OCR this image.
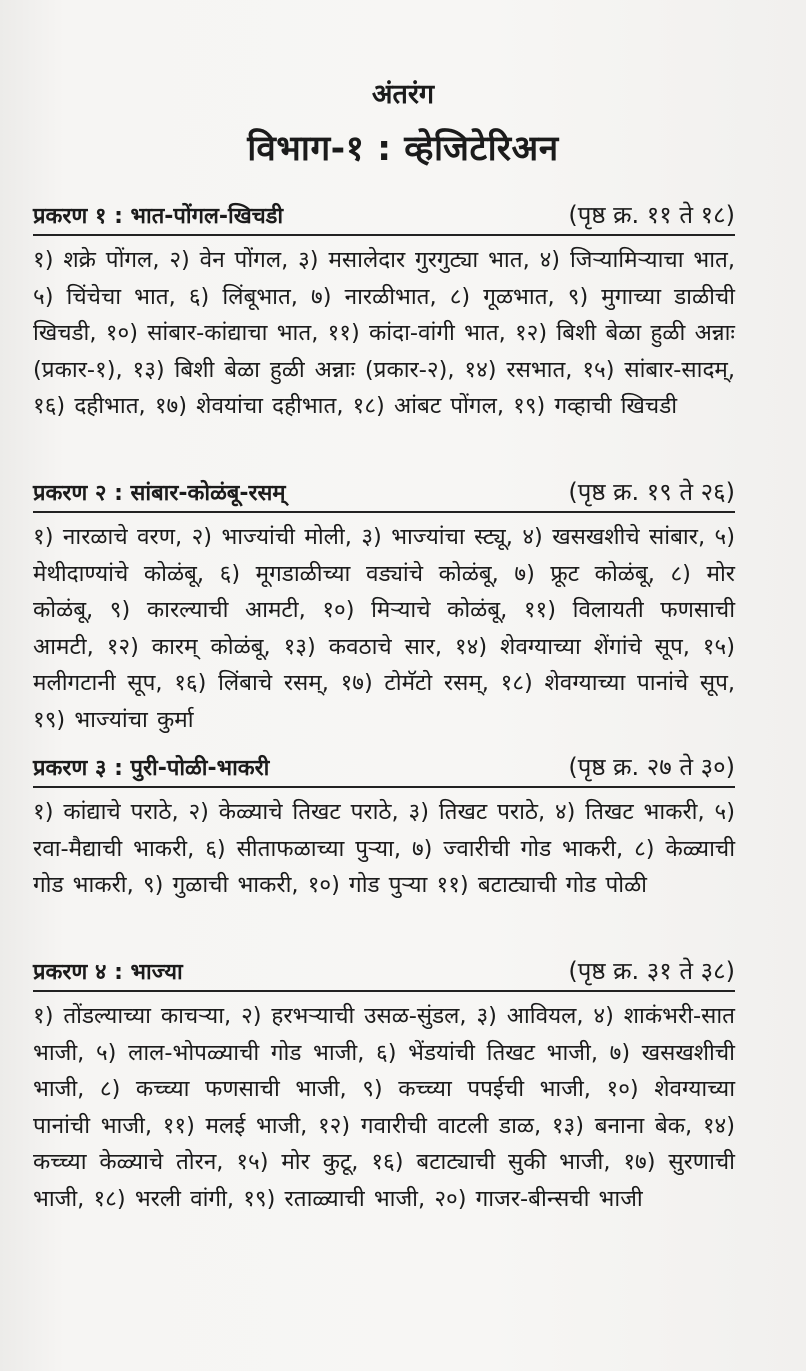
अंतरंग
विभाग-१ : व्हेजिटेरिअन
प्रकरण १ : भात-पोंगल-खिचडी	(पृष्ठ क्र. ११ ते १८)
१) शक्रे पोंगल, २) वेन पोंगल, ३) मसालेदार गुरगुट्या भात, ४) जिऱ्यामिऱ्याचा भात, ५) चिंचेचा भात, ६) लिंबूभात, ७) नारळीभात, ८) गूळभात, ९) मुगाच्या डाळीची खिचडी, १०) सांबार-कांद्याचा भात, ११) कांदा-वांगी भात, १२) बिशी बेळा हुळी अन्नाः (प्रकार-१), १३) बिशी बेळा हुळी अन्नाः (प्रकार-२), १४) रसभात, १५) सांबार-सादम्, १६) दहीभात, १७) शेवयांचा दहीभात, १८) आंबट पोंगल, १९) गव्हाची खिचडी
प्रकरण २ : सांबार-कोळंबू-रसम्	(पृष्ठ क्र. १९ ते २६)
१) नारळाचे वरण, २) भाज्यांची मोली, ३) भाज्यांचा स्ट्यू, ४) खसखशीचे सांबार, ५) मेथीदाण्यांचे कोळंबू, ६) मूगडाळीच्या वड्यांचे कोळंबू, ७) फ्रूट कोळंबू, ८) मोर कोळंबू, ९) कारल्याची आमटी, १०) मिऱ्याचे कोळंबू, ११) विलायती फणसाची आमटी, १२) कारम् कोळंबू, १३) कवठाचे सार, १४) शेवग्याच्या शेंगांचे सूप, १५) मलीगटानी सूप, १६) लिंबाचे रसम्, १७) टोमॅटो रसम्, १८) शेवग्याच्या पानांचे सूप, १९) भाज्यांचा कुर्मा
प्रकरण ३ : पुरी-पोळी-भाकरी	(पृष्ठ क्र. २७ ते ३०)
१) कांद्याचे पराठे, २) केळ्याचे तिखट पराठे, ३) तिखट पराठे, ४) तिखट भाकरी, ५) रवा-मैद्याची भाकरी, ६) सीताफळाच्या पुऱ्या, ७) ज्वारीची गोड भाकरी, ८) केळ्याची गोड भाकरी, ९) गुळाची भाकरी, १०) गोड पुऱ्या ११) बटाट्याची गोड पोळी
प्रकरण ४ : भाज्या	(पृष्ठ क्र. ३१ ते ३८)
१) तोंडल्याच्या काचऱ्या, २) हरभऱ्याची उसळ-सुंडल, ३) आवियल, ४) शाकंभरी-सात भाजी, ५) लाल-भोपळ्याची गोड भाजी, ६) भेंडयांची तिखट भाजी, ७) खसखशीची भाजी, ८) कच्च्या फणसाची भाजी, ९) कच्च्या पपईची भाजी, १०) शेवग्याच्या पानांची भाजी, ११) मलई भाजी, १२) गवारीची वाटली डाळ, १३) बनाना बेक, १४) कच्च्या केळ्याचे तोरन, १५) मोर कुटू, १६) बटाट्याची सुकी भाजी, १७) सुरणाची भाजी, १८) भरली वांगी, १९) रताळ्याची भाजी, २०) गाजर-बीन्सची भाजी
